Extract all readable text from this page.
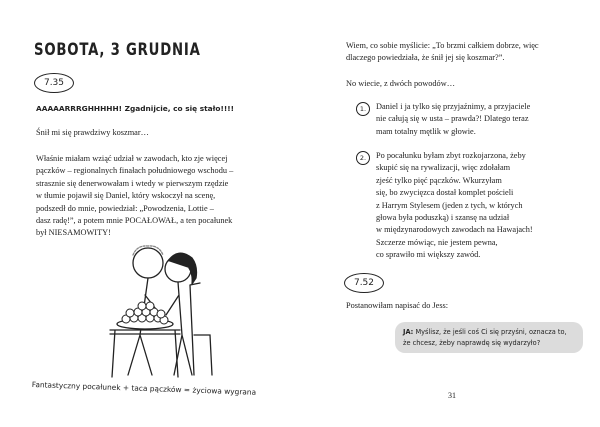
SOBOTA, 3 GRUDNIA
7.35
AAAAARRRGHHHHH! Zgadnijcie, co się stało!!!!
Śnił mi się prawdziwy koszmar…
Właśnie miałam wziąć udział w zawodach, kto zje więcej
pączków – regionalnych finałach południowego wschodu –
strasznie się denerwowałam i wtedy w pierwszym rzędzie
w tłumie pojawił się Daniel, który wskoczył na scenę,
podszedł do mnie, powiedział: „Powodzenia, Lottie –
dasz radę!”, a potem mnie POCAŁOWAŁ, a ten pocałunek
był NIESAMOWITY!
Fantastyczny pocałunek + taca pączków = życiowa wygrana
Wiem, co sobie myślicie: „To brzmi całkiem dobrze, więc
dlaczego powiedziała, że śnił jej się koszmar?”.
No wiecie, z dwóch powodów…
1.	Daniel i ja tylko się przyjaźnimy, a przyjaciele
nie całują się w usta – prawda?! Dlatego teraz
mam totalny mętlik w głowie.
2.	Po pocałunku byłam zbyt rozkojarzona, żeby
skupić się na rywalizacji, więc zdołałam
zjeść tylko pięć pączków. Wkurzyłam
się, bo zwycięzca dostał komplet pościeli
z Harrym Stylesem (jeden z tych, w których
głowa była poduszką) i szansę na udział
w międzynarodowych zawodach na Hawajach!
Szczerze mówiąc, nie jestem pewna,
co sprawiło mi większy zawód.
7.52
Postanowiłam napisać do Jess:
JA: Myślisz, że jeśli coś Ci się przyśni, oznacza to, że chcesz, żeby naprawdę się wydarzyło?
31
